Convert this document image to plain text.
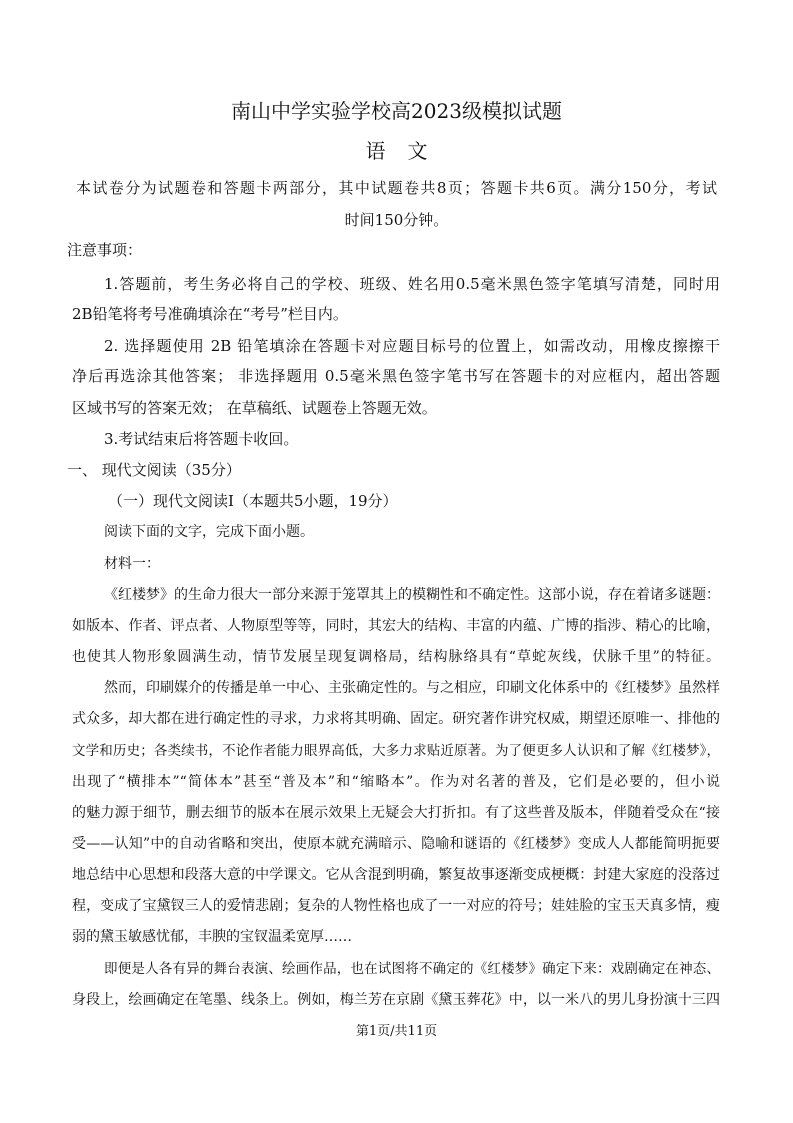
南山中学实验学校高2023级模拟试题
语文
本试卷分为试题卷和答题卡两部分，其中试题卷共8页；答题卡共6页。满分150分，考试
时间150分钟。
注意事项：
1.答题前，考生务必将自己的学校、班级、姓名用0.5毫米黑色签字笔填写清楚，同时用
2B铅笔将考号准确填涂在“考号”栏目内。
2. 选择题使用 2B 铅笔填涂在答题卡对应题目标号的位置上，如需改动，用橡皮擦擦干
净后再选涂其他答案； 非选择题用 0.5毫米黑色签字笔书写在答题卡的对应框内，超出答题
区域书写的答案无效； 在草稿纸、试题卷上答题无效。
3.考试结束后将答题卡收回。
一、 现代文阅读（35分）
（一）现代文阅读Ⅰ（本题共5小题，19分）
阅读下面的文字，完成下面小题。
材料一：
《红楼梦》的生命力很大一部分来源于笼罩其上的模糊性和不确定性。这部小说，存在着诸多谜题：
如版本、作者、评点者、人物原型等等，同时，其宏大的结构、丰富的内蕴、广博的指涉、精心的比喻，
也使其人物形象圆满生动，情节发展呈现复调格局，结构脉络具有“草蛇灰线，伏脉千里”的特征。
然而，印刷媒介的传播是单一中心、主张确定性的。与之相应，印刷文化体系中的《红楼梦》虽然样
式众多，却大都在进行确定性的寻求，力求将其明确、固定。研究著作讲究权威，期望还原唯一、排他的
文学和历史；各类续书，不论作者能力眼界高低，大多力求贴近原著。为了便更多人认识和了解《红楼梦》，
出现了“横排本”“简体本”甚至“普及本”和“缩略本”。作为对名著的普及，它们是必要的，但小说
的魅力源于细节，删去细节的版本在展示效果上无疑会大打折扣。有了这些普及版本，伴随着受众在“接
受——认知”中的自动省略和突出，使原本就充满暗示、隐喻和谜语的《红楼梦》变成人人都能简明扼要
地总结中心思想和段落大意的中学课文。它从含混到明确，繁复故事逐渐变成梗概：封建大家庭的没落过
程，变成了宝黛钗三人的爱情悲剧；复杂的人物性格也成了一一对应的符号；娃娃脸的宝玉天真多情，瘦
弱的黛玉敏感忧郁，丰腴的宝钗温柔宽厚……
即便是人各有异的舞台表演、绘画作品，也在试图将不确定的《红楼梦》确定下来：戏剧确定在神态、
身段上，绘画确定在笔墨、线条上。例如，梅兰芳在京剧《黛玉葬花》中，以一米八的男儿身扮演十三四
第1页/共11页
